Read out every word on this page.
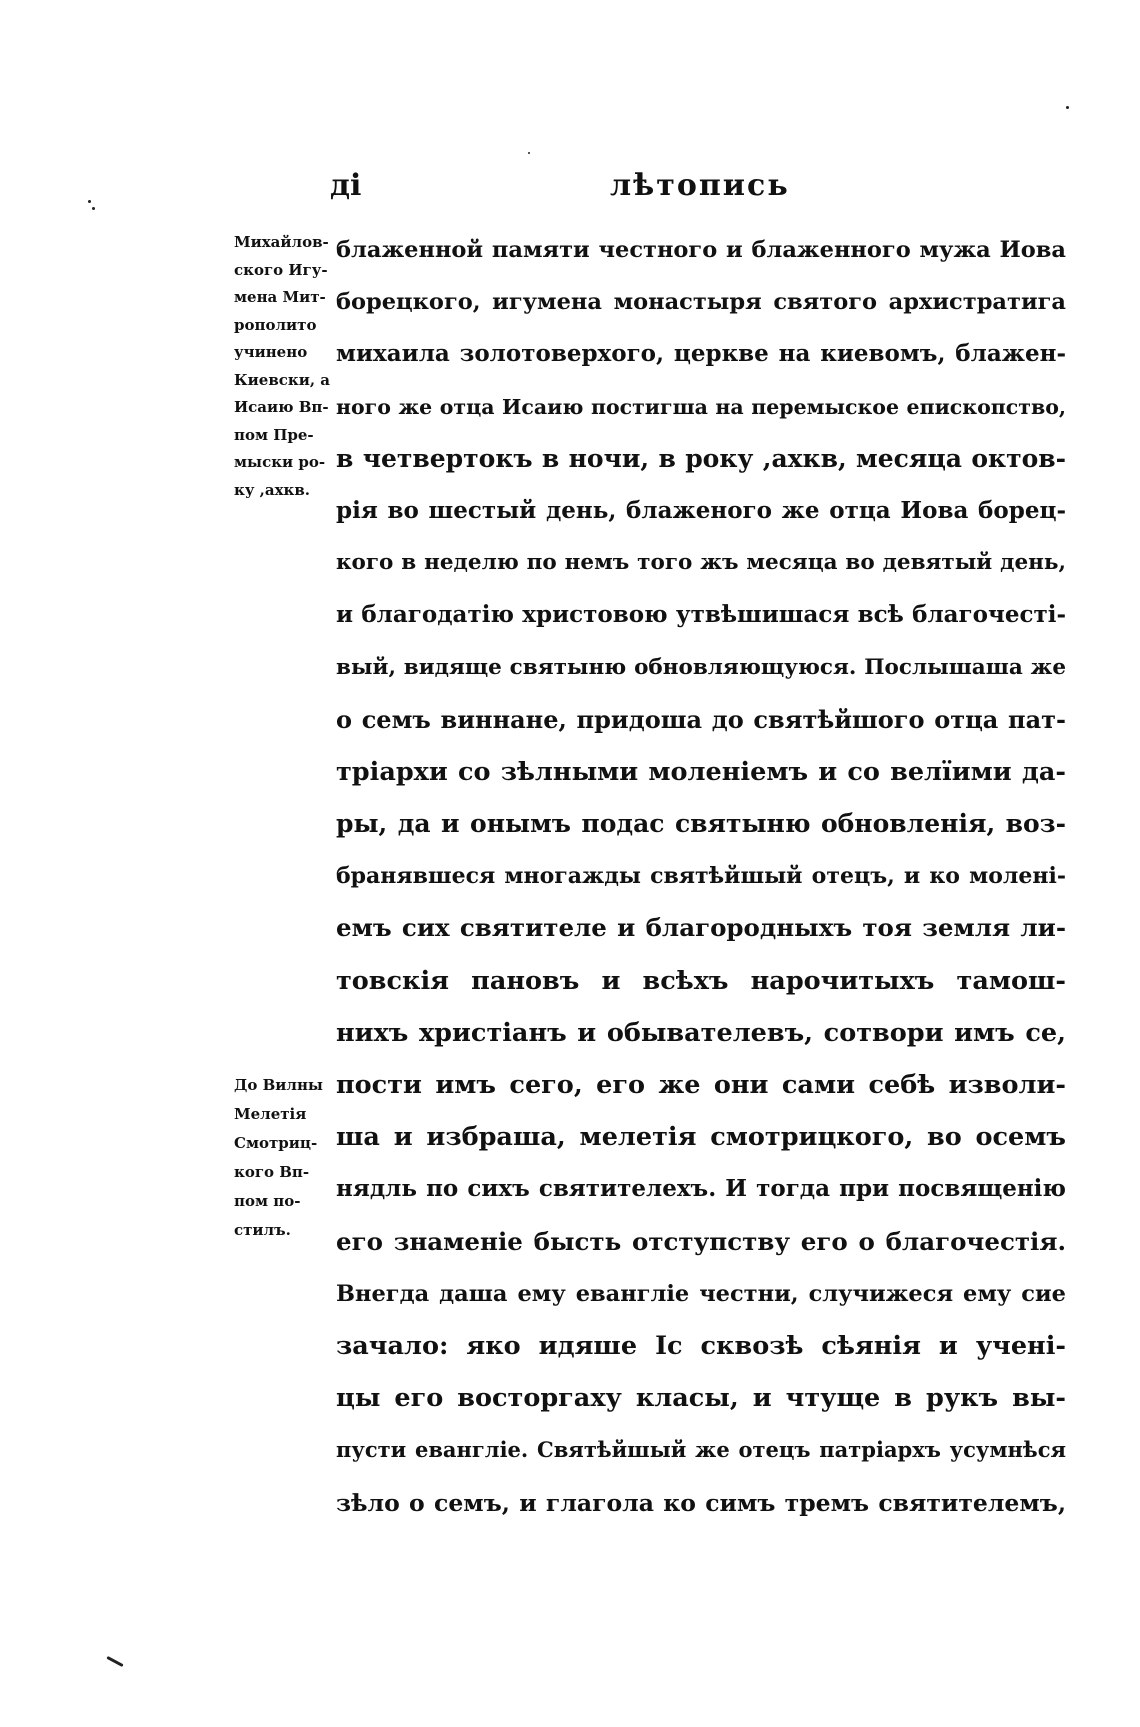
ді	лѣтопись
Михайлов-
ского Игу-
мена Мит-
рополито
учинено
Киевски, а
Исаию Вп-
пом Пре-
мыски ро-
ку ,ахкв.
До Вилны
Мелетія
Смотриц-
кого Вп-
пом по-
стилъ.
блаженной памяти честного и блаженного мужа Иова
борецкого, игумена монастыря святого архистратига
михаила золотоверхого, церкве на киевомъ, блажен-
ного же отца Исаию постигша на перемыское епископство,
в четвертокъ в ночи, в року ,ахкв, месяца октов-
рія во шестый день, блаженого же отца Иова борец-
кого в неделю по немъ того жъ месяца во девятый день,
и благодатію христовою утвѣшишася всѣ благочесті-
вый, видяще святыню обновляющуюся. Послышаша же
о семъ виннане, придоша до святѣйшого отца пат-
тріархи со зѣлными моленіемъ и со велїими да-
ры, да и онымъ подас святыню обновленія, воз-
бранявшеся многажды святѣйшый отецъ, и ко молені-
емъ сих святителе и благородныхъ тоя земля ли-
товскія пановъ и всѣхъ нарочитыхъ тамош-
нихъ христіанъ и обывателевъ, сотвори имъ се,
пости имъ сего, его же они сами себѣ изволи-
ша и избраша, мелетія смотрицкого, во осемъ
нядль по сихъ святителехъ. И тогда при посвященію
его знаменіе бысть отступству его о благочестія.
Внегда даша ему евангліе честни, случижеся ему сие
зачало: яко идяше Іс сквозѣ сѣянія и учені-
цы его восторгаху класы, и чтуще в рукъ вы-
пусти евангліе. Святѣйшый же отецъ патріархъ усумнѣся
зѣло о семъ, и глагола ко симъ тремъ святителемъ,
